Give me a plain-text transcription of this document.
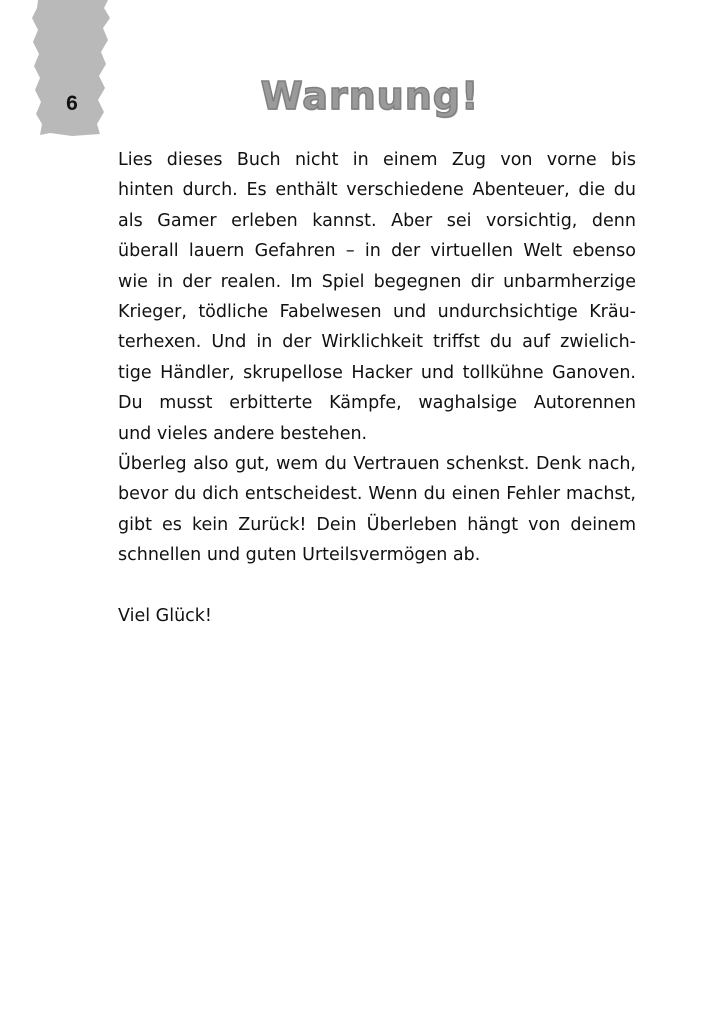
6	Warnung!
Lies dieses Buch nicht in einem Zug von vorne bis
hinten durch. Es enthält verschiedene Abenteuer, die du
als Gamer erleben kannst. Aber sei vorsichtig, denn
überall lauern Gefahren – in der virtuellen Welt ebenso
wie in der realen. Im Spiel begegnen dir unbarmherzige
Krieger, tödliche Fabelwesen und undurchsichtige Kräu-
terhexen. Und in der Wirklichkeit triffst du auf zwielich-
tige Händler, skrupellose Hacker und tollkühne Ganoven.
Du musst erbitterte Kämpfe, waghalsige Autorennen
und vieles andere bestehen.
Überleg also gut, wem du Vertrauen schenkst. Denk nach,
bevor du dich entscheidest. Wenn du einen Fehler machst,
gibt es kein Zurück! Dein Überleben hängt von deinem
schnellen und guten Urteilsvermögen ab.
Viel Glück!
